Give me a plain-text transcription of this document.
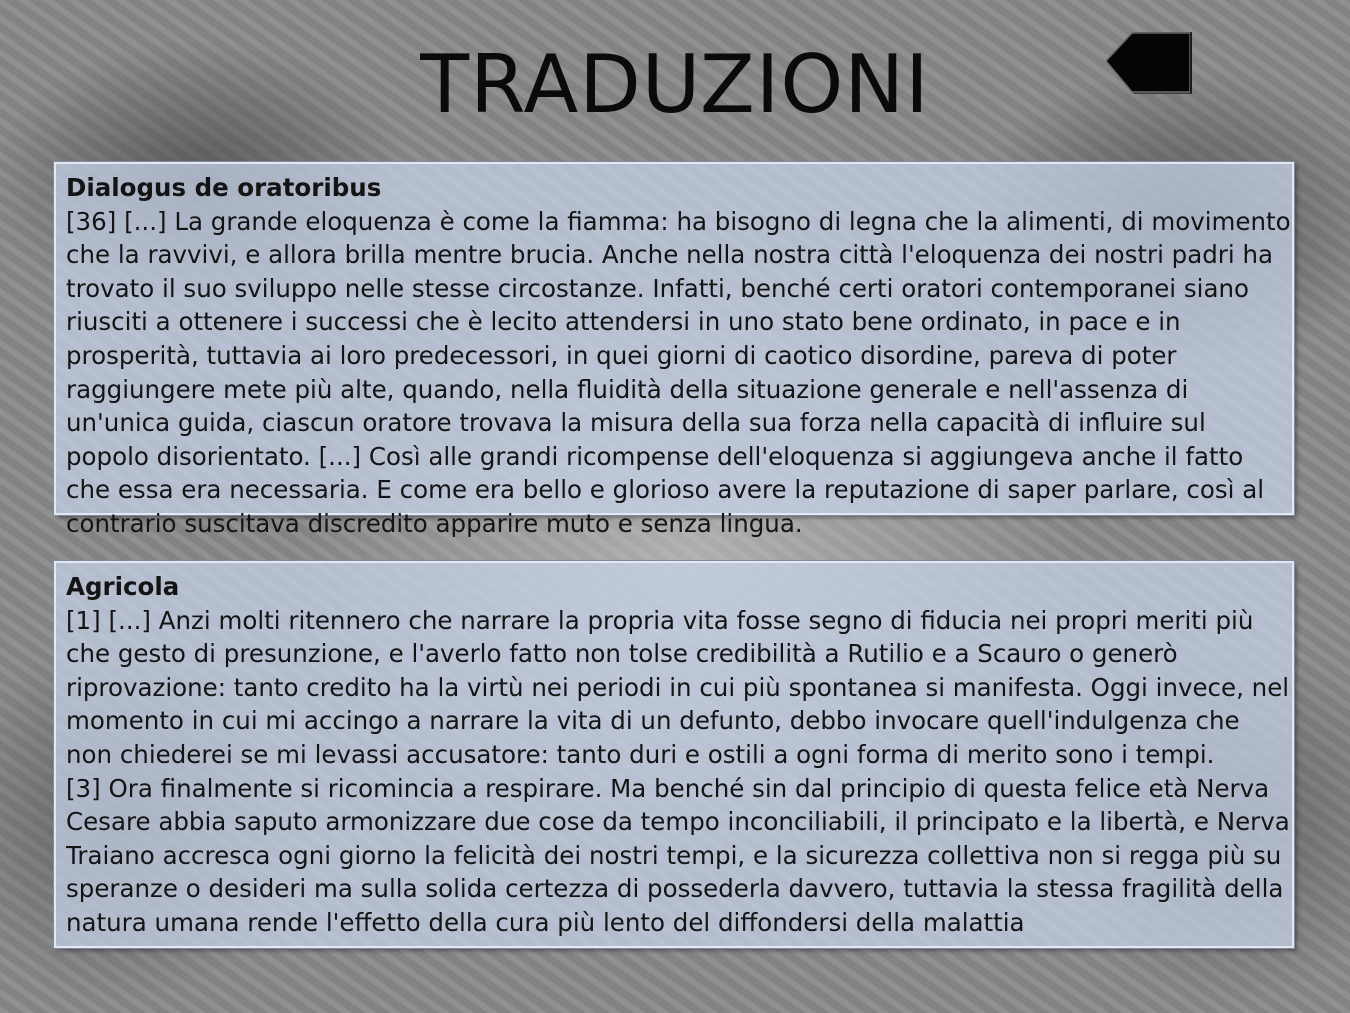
TRADUZIONI

Dialogus de oratoribus

[36] [...] La grande eloquenza è come la fiamma: ha bisogno di legna che la alimenti, di movimento che la ravvivi, e allora brilla mentre brucia. Anche nella nostra città l'eloquenza dei nostri padri ha trovato il suo sviluppo nelle stesse circostanze. Infatti, benché certi oratori contemporanei siano riusciti a ottenere i successi che è lecito attendersi in uno stato bene ordinato, in pace e in prosperità, tuttavia ai loro predecessori, in quei giorni di caotico disordine, pareva di poter raggiungere mete più alte, quando, nella fluidità della situazione generale e nell'assenza di un'unica guida, ciascun oratore trovava la misura della sua forza nella capacità di influire sul popolo disorientato. [...] Così alle grandi ricompense dell'eloquenza si aggiungeva anche il fatto che essa era necessaria. E come era bello e glorioso avere la reputazione di saper parlare, così al contrario suscitava discredito apparire muto e senza lingua.

Agricola

[1] [...] Anzi molti ritennero che narrare la propria vita fosse segno di fiducia nei propri meriti più che gesto di presunzione, e l'averlo fatto non tolse credibilità a Rutilio e a Scauro o generò riprovazione: tanto credito ha la virtù nei periodi in cui più spontanea si manifesta. Oggi invece, nel momento in cui mi accingo a narrare la vita di un defunto, debbo invocare quell'indulgenza che non chiederei se mi levassi accusatore: tanto duri e ostili a ogni forma di merito sono i tempi.

[3] Ora finalmente si ricomincia a respirare. Ma benché sin dal principio di questa felice età Nerva Cesare abbia saputo armonizzare due cose da tempo inconciliabili, il principato e la libertà, e Nerva Traiano accresca ogni giorno la felicità dei nostri tempi, e la sicurezza collettiva non si regga più su speranze o desideri ma sulla solida certezza di possederla davvero, tuttavia la stessa fragilità della natura umana rende l'effetto della cura più lento del diffondersi della malattia
